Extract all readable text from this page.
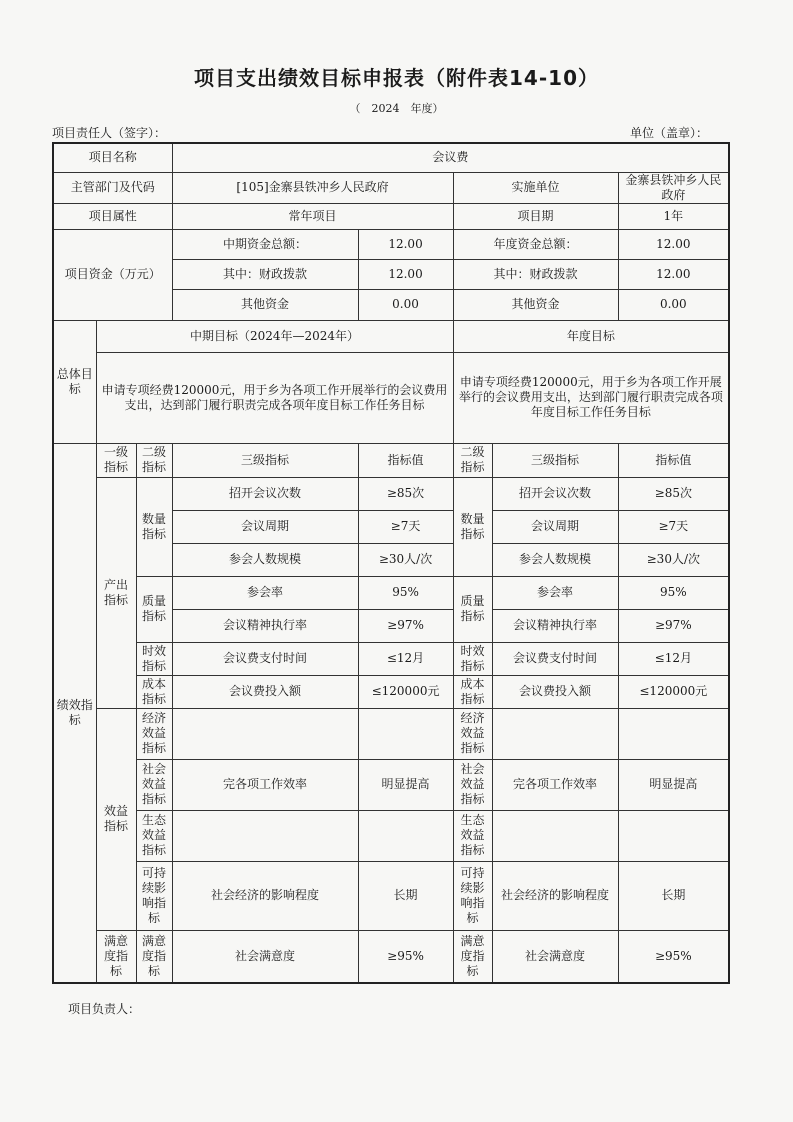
项目支出绩效目标申报表（附件表14-10）
（　2024　年度）
项目责任人（签字）：	单位（盖章）：
项目名称			会议费				
主管部门及代码			[105]金寨县铁冲乡人民政府		实施单位		金寨县铁冲乡人民政府
项目属性			常年项目		项目期		1年
项目资金（万元）			中期资金总额：	12.00	年度资金总额：		12.00
			其中：财政拨款	12.00	其中：财政拨款		12.00
			其他资金	0.00	其他资金		0.00
总体目标	中期目标（2024年—2024年）				年度目标		
	申请专项经费120000元，用于乡为各项工作开展举行的会议费用支出，达到部门履行职责完成各项年度目标工作任务目标				申请专项经费120000元，用于乡为各项工作开展举行的会议费用支出，达到部门履行职责完成各项年度目标工作任务目标		
绩效指标	一级指标	二级指标	三级指标	指标值	二级指标	三级指标	指标值
	产出指标	数量指标	招开会议次数	≥85次	数量指标	招开会议次数	≥85次
			会议周期	≥7天		会议周期	≥7天
			参会人数规模	≥30人/次		参会人数规模	≥30人/次
		质量指标	参会率	95%	质量指标	参会率	95%
			会议精神执行率	≥97%		会议精神执行率	≥97%
		时效指标	会议费支付时间	≤12月	时效指标	会议费支付时间	≤12月
		成本指标	会议费投入额	≤120000元	成本指标	会议费投入额	≤120000元
	效益指标	经济效益指标			经济效益指标		
		社会效益指标	完各项工作效率	明显提高	社会效益指标	完各项工作效率	明显提高
		生态效益指标			生态效益指标		
		可持续影响指标	社会经济的影响程度	长期	可持续影响指标	社会经济的影响程度	长期
	满意度指标	满意度指标	社会满意度	≥95%	满意度指标	社会满意度	≥95%
项目负责人：
